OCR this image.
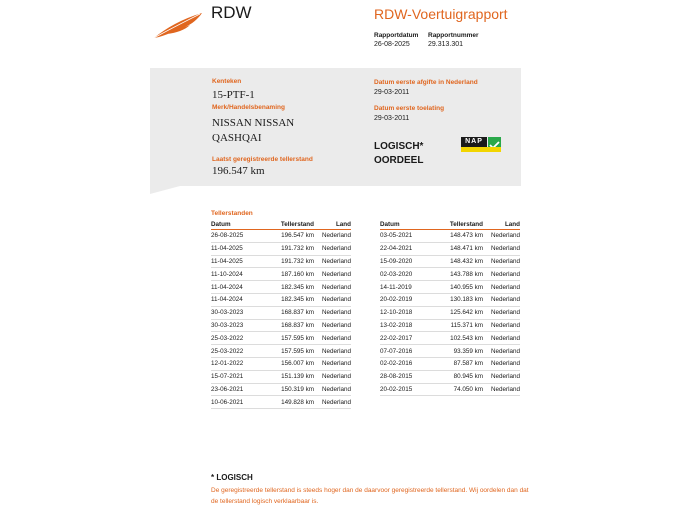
RDW	RDW-Voertuigrapport
Rapportdatum
26-08-2025
Rapportnummer
29.313.301
Kenteken
15-PTF-1
Merk/Handelsbenaming
NISSAN NISSAN
QASHQAI
Laatst geregistreerde tellerstand
196.547 km
Datum eerste afgifte in Nederland
29-03-2011
Datum eerste toelating
29-03-2011
LOGISCH*
OORDEEL
NAP
Tellerstanden
Datum	Tellerstand	Land
26-08-2025	196.547 km	Nederland
11-04-2025	191.732 km	Nederland
11-04-2025	191.732 km	Nederland
11-10-2024	187.160 km	Nederland
11-04-2024	182.345 km	Nederland
11-04-2024	182.345 km	Nederland
30-03-2023	168.837 km	Nederland
30-03-2023	168.837 km	Nederland
25-03-2022	157.595 km	Nederland
25-03-2022	157.595 km	Nederland
12-01-2022	156.007 km	Nederland
15-07-2021	151.139 km	Nederland
23-06-2021	150.319 km	Nederland
10-06-2021	149.828 km	Nederland
Datum	Tellerstand	Land
03-05-2021	148.473 km	Nederland
22-04-2021	148.471 km	Nederland
15-09-2020	148.432 km	Nederland
02-03-2020	143.788 km	Nederland
14-11-2019	140.955 km	Nederland
20-02-2019	130.183 km	Nederland
12-10-2018	125.642 km	Nederland
13-02-2018	115.371 km	Nederland
22-02-2017	102.543 km	Nederland
07-07-2016	93.359 km	Nederland
02-02-2016	87.587 km	Nederland
28-08-2015	80.945 km	Nederland
20-02-2015	74.050 km	Nederland
* LOGISCH
De geregistreerde tellerstand is steeds hoger dan de daarvoor geregistreerde tellerstand. Wij oordelen dan dat de tellerstand logisch verklaarbaar is.
